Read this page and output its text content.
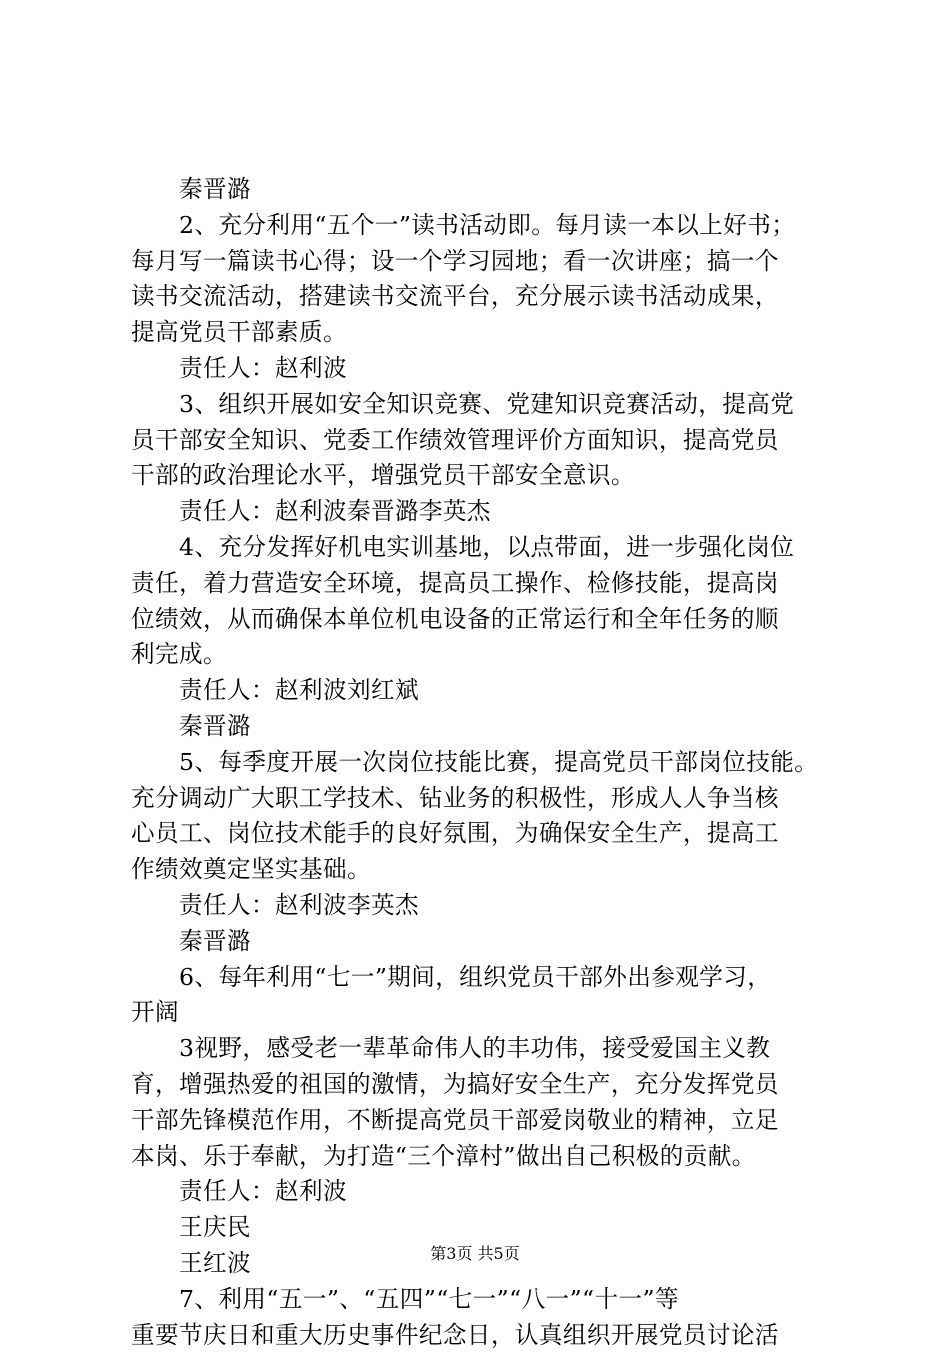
秦晋潞
2、充分利用“五个一”读书活动即。每月读一本以上好书；
每月写一篇读书心得；设一个学习园地；看一次讲座；搞一个
读书交流活动，搭建读书交流平台，充分展示读书活动成果，
提高党员干部素质。
责任人：赵利波
3、组织开展如安全知识竞赛、党建知识竞赛活动，提高党
员干部安全知识、党委工作绩效管理评价方面知识，提高党员
干部的政治理论水平，增强党员干部安全意识。
责任人：赵利波秦晋潞李英杰
4、充分发挥好机电实训基地，以点带面，进一步强化岗位
责任，着力营造安全环境，提高员工操作、检修技能，提高岗
位绩效，从而确保本单位机电设备的正常运行和全年任务的顺
利完成。
责任人：赵利波刘红斌
秦晋潞
5、每季度开展一次岗位技能比赛，提高党员干部岗位技能。
充分调动广大职工学技术、钻业务的积极性，形成人人争当核
心员工、岗位技术能手的良好氛围，为确保安全生产，提高工
作绩效奠定坚实基础。
责任人：赵利波李英杰
秦晋潞
6、每年利用“七一”期间，组织党员干部外出参观学习，
开阔
3视野，感受老一辈革命伟人的丰功伟，接受爱国主义教
育，增强热爱的祖国的激情，为搞好安全生产，充分发挥党员
干部先锋模范作用，不断提高党员干部爱岗敬业的精神，立足
本岗、乐于奉献，为打造“三个漳村”做出自己积极的贡献。
责任人：赵利波
王庆民
王红波
7、利用“五一”、“五四”“七一”“八一”“十一”等
重要节庆日和重大历史事件纪念日，认真组织开展党员讨论活
第3页 共5页
